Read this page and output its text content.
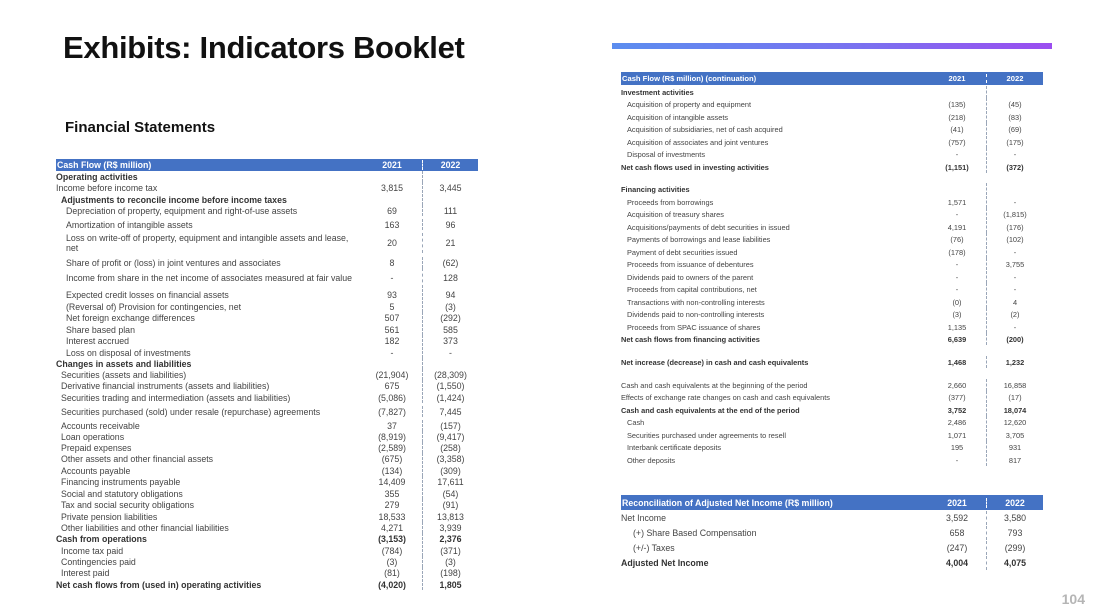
Exhibits: Indicators Booklet
Financial Statements
Cash Flow (R$ million)	2021	2022
Operating activities
Income before income tax	3,815	3,445
Adjustments to reconcile income before income taxes
Depreciation of property, equipment and right-of-use assets	69	111
Amortization of intangible assets	163	96
Loss on write-off of property, equipment and intangible assets and lease, net	20	21
Share of profit or (loss) in joint ventures and associates	8	(62)
Income from share in the net income of associates measured at fair value	-	128
Expected credit losses on financial assets	93	94
(Reversal of) Provision for contingencies, net	5	(3)
Net foreign exchange differences	507	(292)
Share based plan	561	585
Interest accrued	182	373
Loss on disposal of investments	-	-
Changes in assets and liabilities
Securities (assets and liabilities)	(21,904)	(28,309)
Derivative financial instruments (assets and liabilities)	675	(1,550)
Securities trading and intermediation (assets and liabilities)	(5,086)	(1,424)
Securities purchased (sold) under resale (repurchase) agreements	(7,827)	7,445
Accounts receivable	37	(157)
Loan operations	(8,919)	(9,417)
Prepaid expenses	(2,589)	(258)
Other assets and other financial assets	(675)	(3,358)
Accounts payable	(134)	(309)
Financing instruments payable	14,409	17,611
Social and statutory obligations	355	(54)
Tax and social security obligations	279	(91)
Private pension liabilities	18,533	13,813
Other liabilities and other financial liabilities	4,271	3,939
Cash from operations	(3,153)	2,376
Income tax paid	(784)	(371)
Contingencies paid	(3)	(3)
Interest paid	(81)	(198)
Net cash flows from (used in) operating activities	(4,020)	1,805
Cash Flow (R$ million) (continuation)	2021	2022
Investment activities
Acquisition of property and equipment	(135)	(45)
Acquisition of intangible assets	(218)	(83)
Acquisition of subsidiaries, net of cash acquired	(41)	(69)
Acquisition of associates and joint ventures	(757)	(175)
Disposal of investments	-	-
Net cash flows used in investing activities	(1,151)	(372)
Financing activities
Proceeds from borrowings	1,571	-
Acquisition of treasury shares	-	(1,815)
Acquisitions/payments of debt securities in issued	4,191	(176)
Payments of borrowings and lease liabilities	(76)	(102)
Payment of debt securities issued	(178)	-
Proceeds from issuance of debentures	-	3,755
Dividends paid to owners of the parent	-	-
Proceeds from capital contributions, net	-	-
Transactions with non-controlling interests	(0)	4
Dividends paid to non-controlling interests	(3)	(2)
Proceeds from SPAC issuance of shares	1,135	-
Net cash flows from financing activities	6,639	(200)
Net increase (decrease) in cash and cash equivalents	1,468	1,232
Cash and cash equivalents at the beginning of the period	2,660	16,858
Effects of exchange rate changes on cash and cash equivalents	(377)	(17)
Cash and cash equivalents at the end of the period	3,752	18,074
Cash	2,486	12,620
Securities purchased under agreements to resell	1,071	3,705
Interbank certificate deposits	195	931
Other deposits	-	817
Reconciliation of Adjusted Net Income (R$ million)	2021	2022
Net Income	3,592	3,580
(+) Share Based Compensation	658	793
(+/-) Taxes	(247)	(299)
Adjusted Net Income	4,004	4,075
104
